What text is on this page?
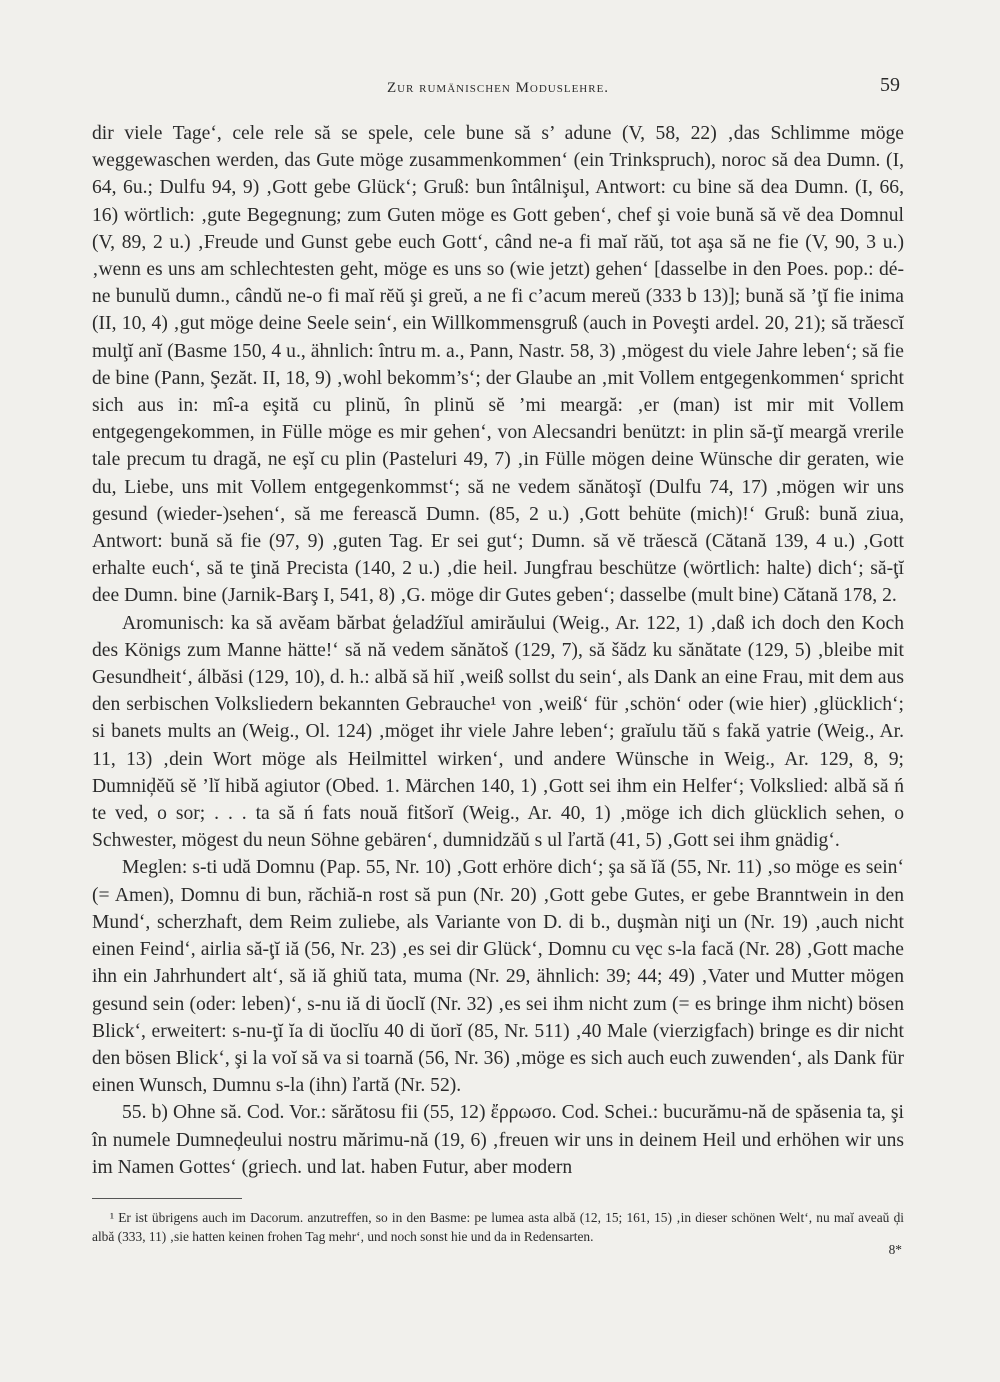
Zur rumänischen Moduslehre.	59

dir viele Tage‘, cele rele să se spele, cele bune să s’ adune (V, 58, 22) ‚das Schlimme möge weggewaschen werden, das Gute möge zusammenkommen‘ (ein Trinkspruch), noroc să dea Dumn. (I, 64, 6u.; Dulfu 94, 9) ‚Gott gebe Glück‘; Gruß: bun întâlnişul, Antwort: cu bine să dea Dumn. (I, 66, 16) wörtlich: ‚gute Begegnung; zum Guten möge es Gott geben‘, chef şi voie bună să vĕ dea Domnul (V, 89, 2 u.) ‚Freude und Gunst gebe euch Gott‘, când ne-a fi maĭ răŭ, tot aşa să ne fie (V, 90, 3 u.) ‚wenn es uns am schlechtesten geht, möge es uns so (wie jetzt) gehen‘ [dasselbe in den Poes. pop.: dé-ne bunulŭ dumn., cândŭ ne-o fi maĭ rĕŭ şi greŭ, a ne fi c’acum mereŭ (333 b 13)]; bună să ’ţĭ fie inima (II, 10, 4) ‚gut möge deine Seele sein‘, ein Willkommensgruß (auch in Poveşti ardel. 20, 21); să trăescĭ mulţĭ anĭ (Basme 150, 4 u., ähnlich: întru m. a., Pann, Nastr. 58, 3) ‚mögest du viele Jahre leben‘; să fie de bine (Pann, Şezăt. II, 18, 9) ‚wohl bekomm’s‘; der Glaube an ‚mit Vollem entgegenkommen‘ spricht sich aus in: mî-a eşită cu plinŭ, în plinŭ sĕ ’mi meargă: ‚er (man) ist mir mit Vollem entgegengekommen, in Fülle möge es mir gehen‘, von Alecsandri benützt: in plin să-ţĭ meargă vrerile tale precum tu dragă, ne eşĭ cu plin (Pasteluri 49, 7) ‚in Fülle mögen deine Wünsche dir geraten, wie du, Liebe, uns mit Vollem entgegenkommst‘; să ne vedem sănătoşĭ (Dulfu 74, 17) ‚mögen wir uns gesund (wieder-)sehen‘, să me ferească Dumn. (85, 2 u.) ‚Gott behüte (mich)!‘ Gruß: bună ziua, Antwort: bună să fie (97, 9) ‚guten Tag. Er sei gut‘; Dumn. să vĕ trăescă (Cătană 139, 4 u.) ‚Gott erhalte euch‘, să te ţină Precista (140, 2 u.) ‚die heil. Jungfrau beschütze (wörtlich: halte) dich‘; să-ţĭ dee Dumn. bine (Jarnik-Barş I, 541, 8) ‚G. möge dir Gutes geben‘; dasselbe (mult bine) Cătană 178, 2.

Aromunisch: ka să avĕam bărbat ģeladźĭul amirăului (Weig., Ar. 122, 1) ‚daß ich doch den Koch des Königs zum Manne hätte!‘ să nă vedem sănătoš (129, 7), să šădz ku sănătate (129, 5) ‚bleibe mit Gesundheit‘, álbăsi (129, 10), d. h.: albă să hiĭ ‚weiß sollst du sein‘, als Dank an eine Frau, mit dem aus den serbischen Volksliedern bekannten Gebrauche¹ von ‚weiß‘ für ‚schön‘ oder (wie hier) ‚glücklich‘; si banets mults an (Weig., Ol. 124) ‚möget ihr viele Jahre leben‘; graĭulu tăŭ s fakă yatrie (Weig., Ar. 11, 13) ‚dein Wort möge als Heilmittel wirken‘, und andere Wünsche in Weig., Ar. 129, 8, 9; Dumniḑĕŭ sĕ ’lĭ hibă agiutor (Obed. 1. Märchen 140, 1) ‚Gott sei ihm ein Helfer‘; Volkslied: albă să ń te ved, o sor; . . . ta să ń fats nouă fitšorĭ (Weig., Ar. 40, 1) ‚möge ich dich glücklich sehen, o Schwester, mögest du neun Söhne gebären‘, dumnidzăŭ s ul ľartă (41, 5) ‚Gott sei ihm gnädig‘.

Meglen: s-ti udă Domnu (Pap. 55, Nr. 10) ‚Gott erhöre dich‘; şa să ĭă (55, Nr. 11) ‚so möge es sein‘ (= Amen), Domnu di bun, răchiă-n rost să pun (Nr. 20) ‚Gott gebe Gutes, er gebe Branntwein in den Mund‘, scherzhaft, dem Reim zuliebe, als Variante von D. di b., duşmàn niţi un (Nr. 19) ‚auch nicht einen Feind‘, airlia să-ţĭ iă (56, Nr. 23) ‚es sei dir Glück‘, Domnu cu vęc s-la facă (Nr. 28) ‚Gott mache ihn ein Jahrhundert alt‘, să iă ghiŭ tata, muma (Nr. 29, ähnlich: 39; 44; 49) ‚Vater und Mutter mögen gesund sein (oder: leben)‘, s-nu iă di ŭoclĭ (Nr. 32) ‚es sei ihm nicht zum (= es bringe ihm nicht) bösen Blick‘, erweitert: s-nu-ţĭ ĭa di ŭoclĭu 40 di ŭorĭ (85, Nr. 511) ‚40 Male (vierzigfach) bringe es dir nicht den bösen Blick‘, şi la voĭ să va si toarnă (56, Nr. 36) ‚möge es sich auch euch zuwenden‘, als Dank für einen Wunsch, Dumnu s-la (ihn) ľartă (Nr. 52).

55. b) Ohne să. Cod. Vor.: sărătosu fii (55, 12) ἔρρωσο. Cod. Schei.: bucurămu-nă de spăsenia ta, şi în numele Dumneḑeului nostru mărimu-nă (19, 6) ‚freuen wir uns in deinem Heil und erhöhen wir uns im Namen Gottes‘ (griech. und lat. haben Futur, aber modern

¹ Er ist übrigens auch im Dacorum. anzutreffen, so in den Basme: pe lumea asta albă (12, 15; 161, 15) ‚in dieser schönen Welt‘, nu maĭ aveaŭ ḑi albă (333, 11) ‚sie hatten keinen frohen Tag mehr‘, und noch sonst hie und da in Redensarten.

8*
